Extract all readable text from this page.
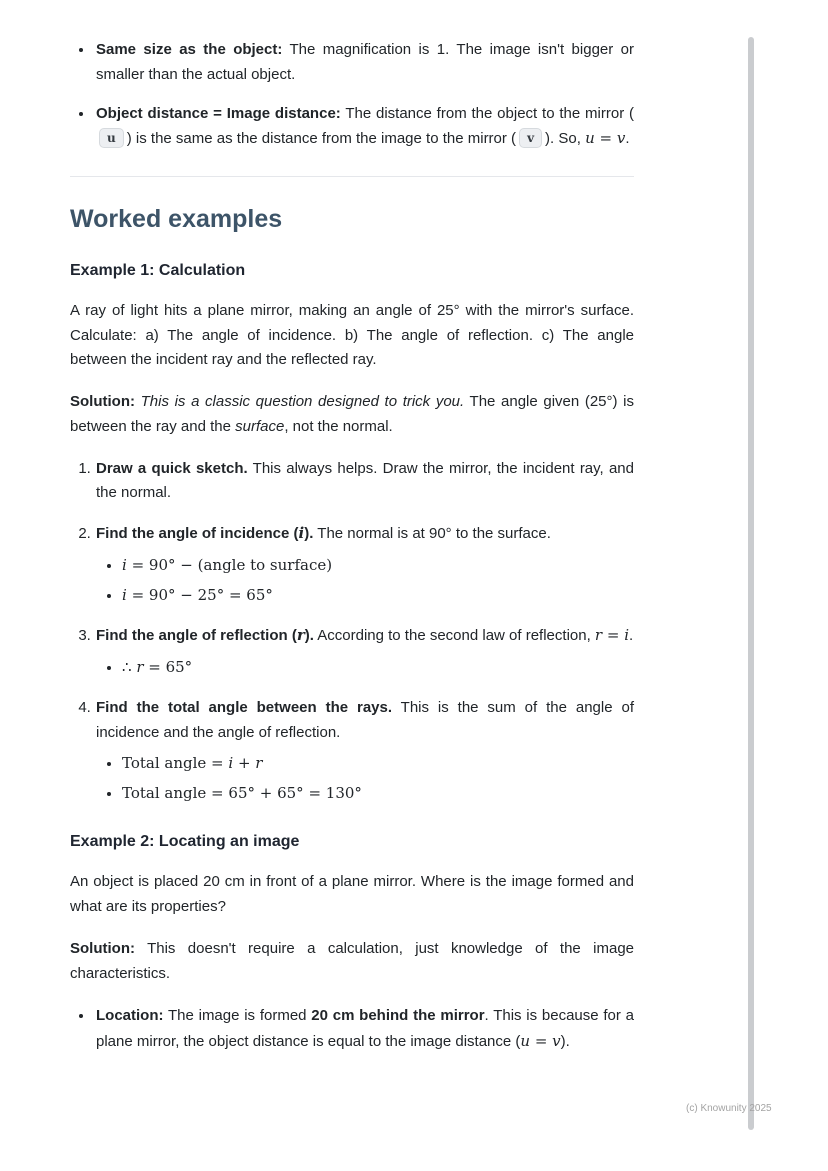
• Same size as the object: The magnification is 1. The image isn't bigger or smaller than the actual object.
• Object distance = Image distance: The distance from the object to the mirror (u ) is the same as the distance from the image to the mirror ( v ). So, u = v.
Worked examples
Example 1: Calculation

A ray of light hits a plane mirror, making an angle of 25° with the mirror's surface. Calculate: a) The angle of incidence. b) The angle of reflection. c) The angle between the incident ray and the reflected ray.

Solution: This is a classic question designed to trick you. The angle given (25°) is between the ray and the surface, not the normal.

1. Draw a quick sketch. This always helps. Draw the mirror, the incident ray, and the normal.
2. Find the angle of incidence (i). The normal is at 90° to the surface.
• i = 90° − (angle to surface)
• i = 90° − 25° = 65°
3. Find the angle of reflection (r). According to the second law of reflection, r = i.
• ∴ r = 65°
4. Find the total angle between the rays. This is the sum of the angle of incidence and the angle of reflection.
• Total angle = i + r
• Total angle = 65° + 65° = 130°
Example 2: Locating an image

An object is placed 20 cm in front of a plane mirror. Where is the image formed and what are its properties?

Solution: This doesn't require a calculation, just knowledge of the image characteristics.

• Location: The image is formed 20 cm behind the mirror. This is because for a plane mirror, the object distance is equal to the image distance (u = v).
(c) Knowunity 2025
